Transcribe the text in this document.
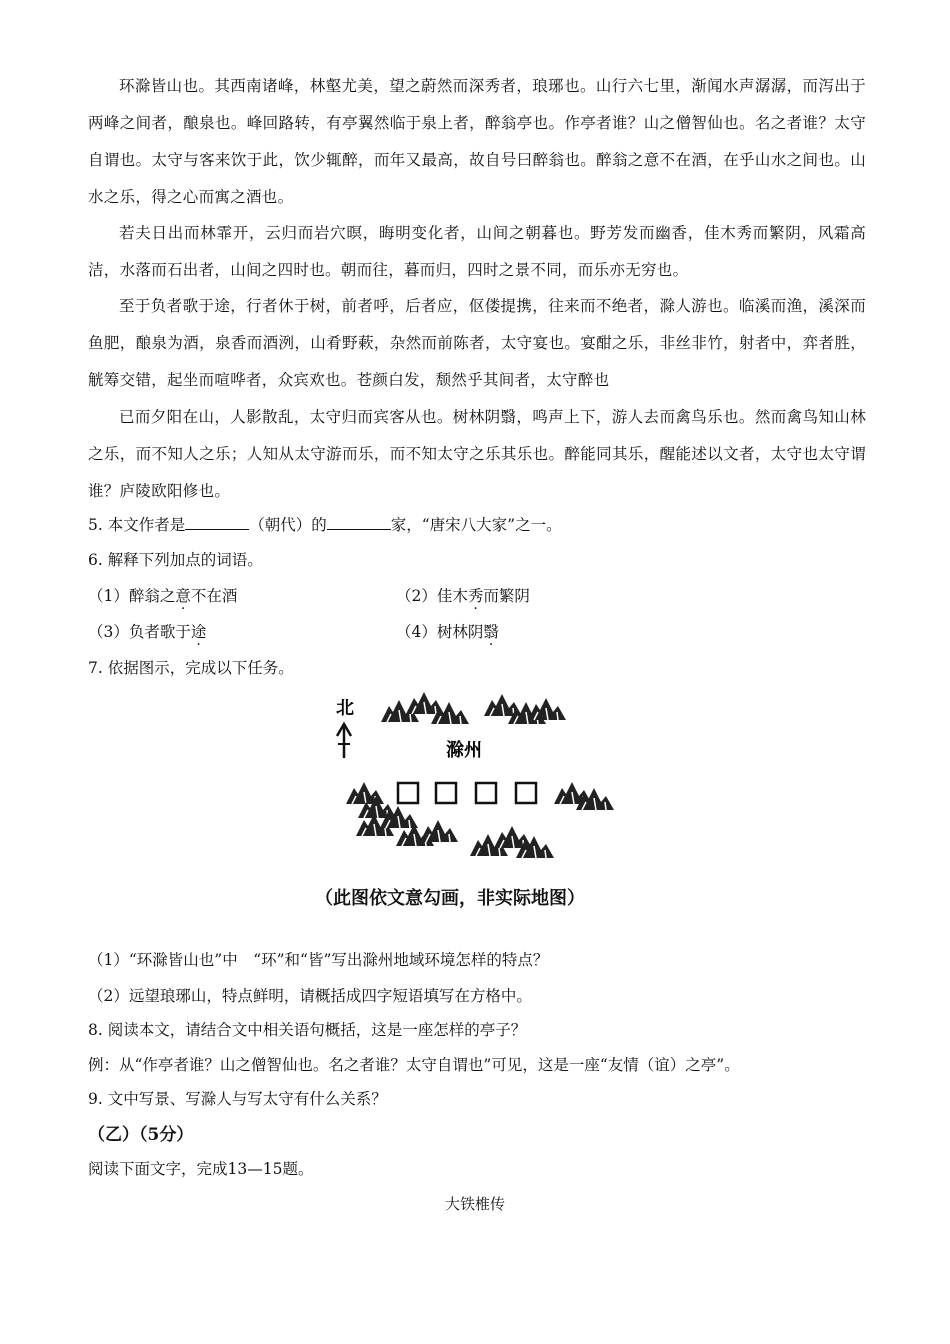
环滁皆山也。其西南诸峰，林壑尤美，望之蔚然而深秀者，琅琊也。山行六七里，渐闻水声潺潺，而泻出于两峰之间者，酿泉也。峰回路转，有亭翼然临于泉上者，醉翁亭也。作亭者谁？山之僧智仙也。名之者谁？太守自谓也。太守与客来饮于此，饮少辄醉，而年又最高，故自号曰醉翁也。醉翁之意不在酒，在乎山水之间也。山水之乐，得之心而寓之酒也。
若夫日出而林霏开，云归而岩穴暝，晦明变化者，山间之朝暮也。野芳发而幽香，佳木秀而繁阴，风霜高洁，水落而石出者，山间之四时也。朝而往，暮而归，四时之景不同，而乐亦无穷也。
至于负者歌于途，行者休于树，前者呼，后者应，伛偻提携，往来而不绝者，滁人游也。临溪而渔，溪深而鱼肥，酿泉为酒，泉香而酒洌，山肴野蔌，杂然而前陈者，太守宴也。宴酣之乐，非丝非竹，射者中，弈者胜，觥筹交错，起坐而喧哗者，众宾欢也。苍颜白发，颓然乎其间者，太守醉也
已而夕阳在山，人影散乱，太守归而宾客从也。树林阴翳，鸣声上下，游人去而禽鸟乐也。然而禽鸟知山林之乐，而不知人之乐；人知从太守游而乐，而不知太守之乐其乐也。醉能同其乐，醒能述以文者，太守也太守谓谁？庐陵欧阳修也。
5. 本文作者是	（朝代）的	家，“唐宋八大家”之一。
6. 解释下列加点的词语。
（1）醉翁之意不在酒	（2）佳木秀而繁阴
（3）负者歌于途	（4）树林阴翳
7. 依据图示，完成以下任务。
北
滁州
（此图依文意勾画，非实际地图）
（1）“环滁皆山也”中　“环”和“皆”写出滁州地域环境怎样的特点？
（2）远望琅琊山，特点鲜明，请概括成四字短语填写在方格中。
8. 阅读本文，请结合文中相关语句概括，这是一座怎样的亭子？
例：从“作亭者谁？山之僧智仙也。名之者谁？太守自谓也”可见，这是一座“友情（谊）之亭”。
9. 文中写景、写滁人与写太守有什么关系？
（乙）（5分）
阅读下面文字，完成13—15题。
大铁椎传
